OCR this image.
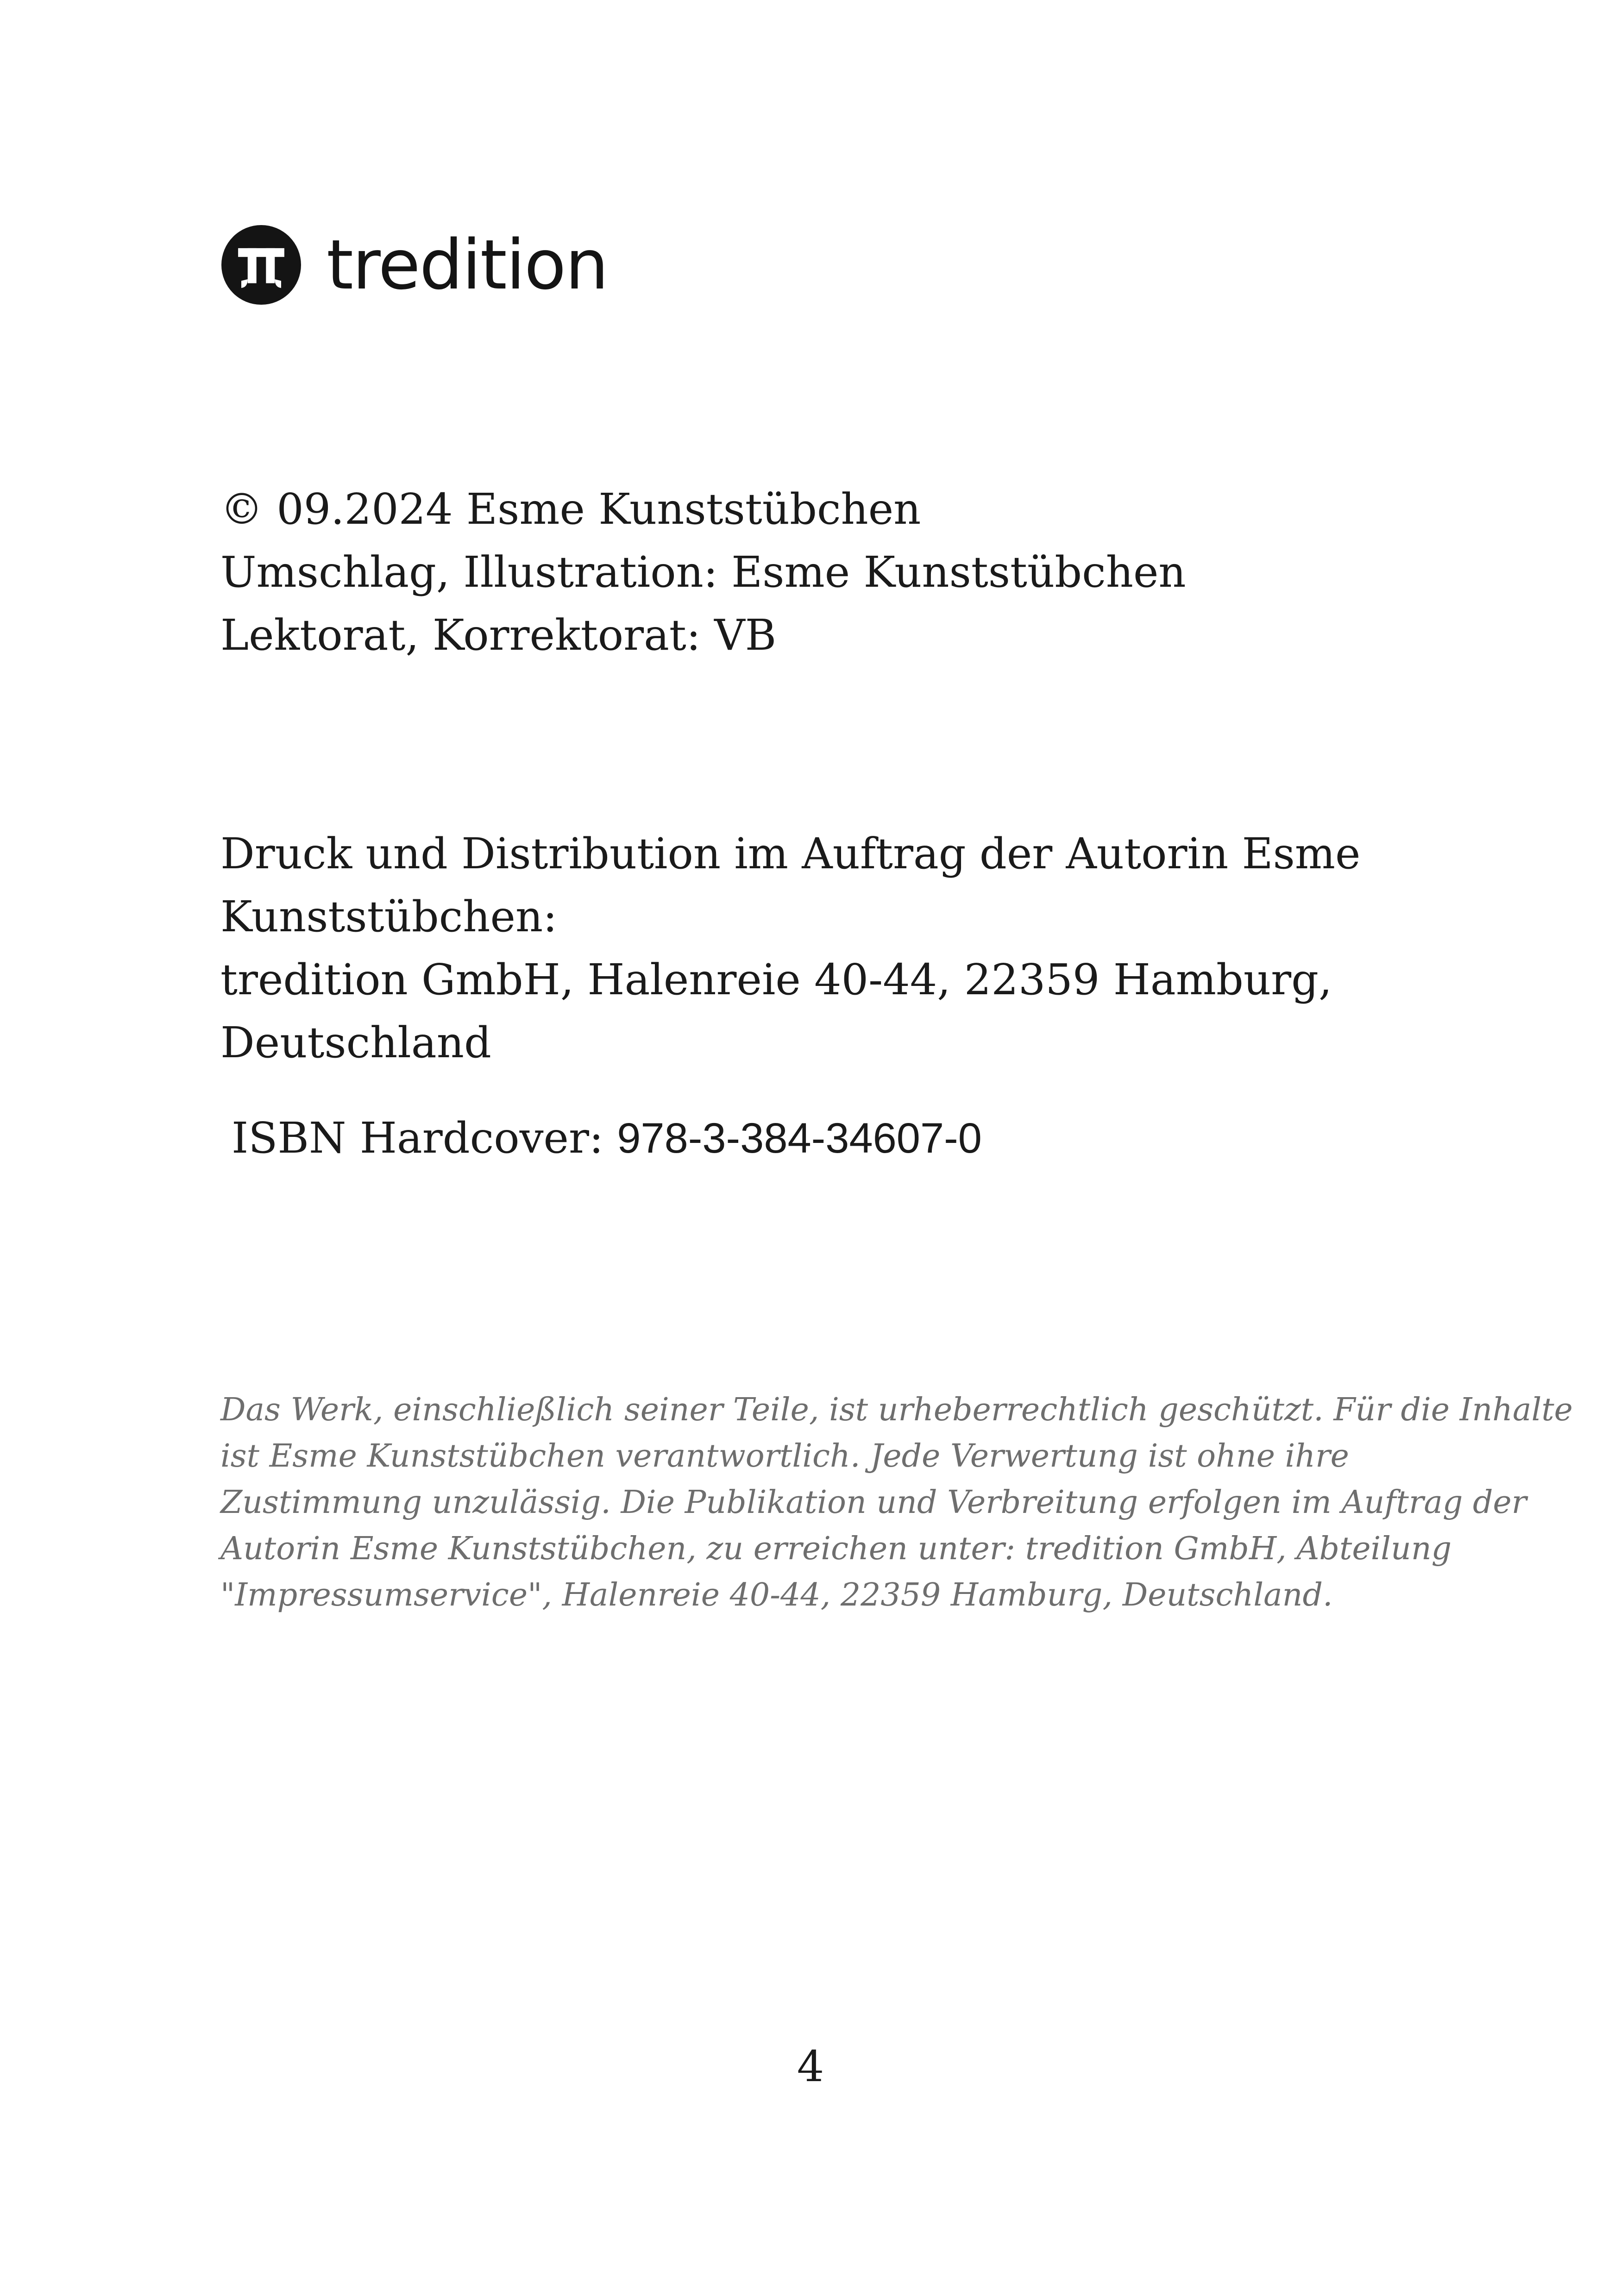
tredition
© 09.2024 Esme Kunststübchen
Umschlag, Illustration: Esme Kunststübchen
Lektorat, Korrektorat: VB
Druck und Distribution im Auftrag der Autorin Esme
Kunststübchen:
tredition GmbH, Halenreie 40-44, 22359 Hamburg,
Deutschland
ISBN Hardcover: 978-3-384-34607-0
Das Werk, einschließlich seiner Teile, ist urheberrechtlich geschützt. Für die Inhalte
ist Esme Kunststübchen verantwortlich. Jede Verwertung ist ohne ihre
Zustimmung unzulässig. Die Publikation und Verbreitung erfolgen im Auftrag der
Autorin Esme Kunststübchen, zu erreichen unter: tredition GmbH, Abteilung
"Impressumservice", Halenreie 40-44, 22359 Hamburg, Deutschland.
4
